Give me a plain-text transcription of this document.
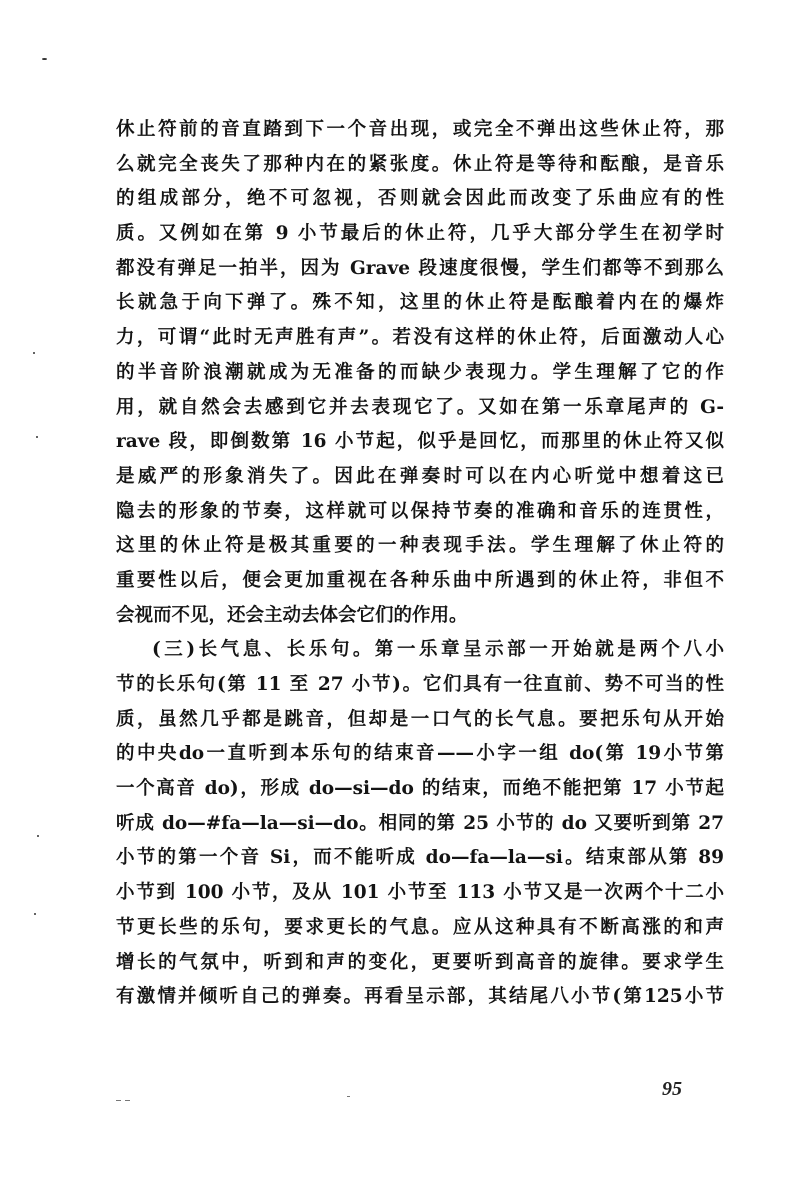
休止符前的音直踏到下一个音出现，或完全不弹出这些休止符，那
么就完全丧失了那种内在的紧张度。休止符是等待和酝酿，是音乐
的组成部分，绝不可忽视，否则就会因此而改变了乐曲应有的性
质。又例如在第 9 小节最后的休止符，几乎大部分学生在初学时
都没有弹足一拍半，因为 Grave 段速度很慢，学生们都等不到那么
长就急于向下弹了。殊不知，这里的休止符是酝酿着内在的爆炸
力，可谓“此时无声胜有声”。若没有这样的休止符，后面激动人心
的半音阶浪潮就成为无准备的而缺少表现力。学生理解了它的作
用，就自然会去感到它并去表现它了。又如在第一乐章尾声的 G-
rave 段，即倒数第 16 小节起，似乎是回忆，而那里的休止符又似
是威严的形象消失了。因此在弹奏时可以在内心听觉中想着这已
隐去的形象的节奏，这样就可以保持节奏的准确和音乐的连贯性，
这里的休止符是极其重要的一种表现手法。学生理解了休止符的
重要性以后，便会更加重视在各种乐曲中所遇到的休止符，非但不
会视而不见，还会主动去体会它们的作用。
(三)长气息、长乐句。第一乐章呈示部一开始就是两个八小
节的长乐句(第 11 至 27 小节)。它们具有一往直前、势不可当的性
质，虽然几乎都是跳音，但却是一口气的长气息。要把乐句从开始
的中央do一直听到本乐句的结束音——小字一组 do(第 19小节第
一个高音 do)，形成 do—si—do 的结束，而绝不能把第 17 小节起
听成 do—#fa—la—si—do。相同的第 25 小节的 do 又要听到第 27
小节的第一个音 Si，而不能听成 do—fa—la—si。结束部从第 89
小节到 100 小节，及从 101 小节至 113 小节又是一次两个十二小
节更长些的乐句，要求更长的气息。应从这种具有不断高涨的和声
增长的气氛中，听到和声的变化，更要听到高音的旋律。要求学生
有激情并倾听自己的弹奏。再看呈示部，其结尾八小节(第125小节
95
